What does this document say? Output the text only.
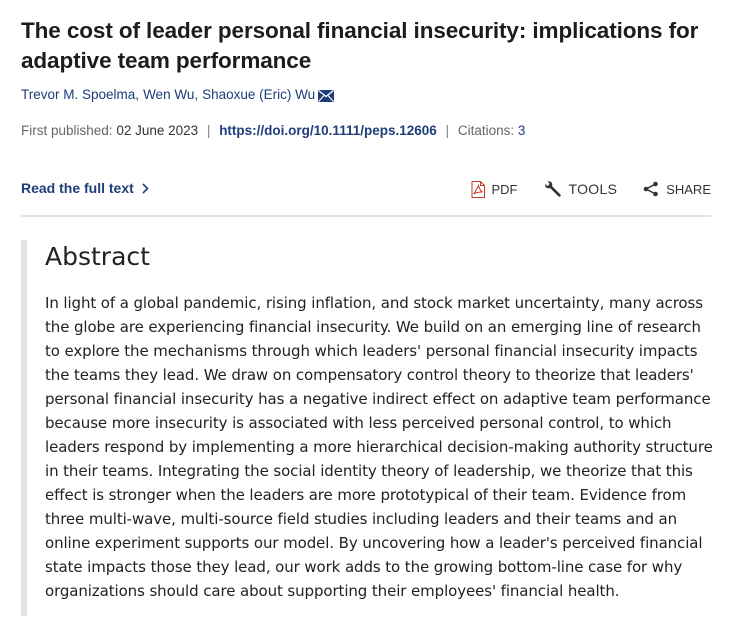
The cost of leader personal financial insecurity: implications for adaptive team performance
Trevor M. Spoelma , Wen Wu , Shaoxue (Eric) Wu
First published: 02 June 2023 | https://doi.org/10.1111/peps.12606 | Citations: 3
Read the full text	PDF	TOOLS	SHARE
Abstract

In light of a global pandemic, rising inflation, and stock market uncertainty, many across the globe are experiencing financial insecurity. We build on an emerging line of research to explore the mechanisms through which leaders' personal financial insecurity impacts the teams they lead. We draw on compensatory control theory to theorize that leaders' personal financial insecurity has a negative indirect effect on adaptive team performance because more insecurity is associated with less perceived personal control, to which leaders respond by implementing a more hierarchical decision-making authority structure in their teams. Integrating the social identity theory of leadership, we theorize that this effect is stronger when the leaders are more prototypical of their team. Evidence from three multi-wave, multi-source field studies including leaders and their teams and an online experiment supports our model. By uncovering how a leader's perceived financial state impacts those they lead, our work adds to the growing bottom-line case for why organizations should care about supporting their employees' financial health.
